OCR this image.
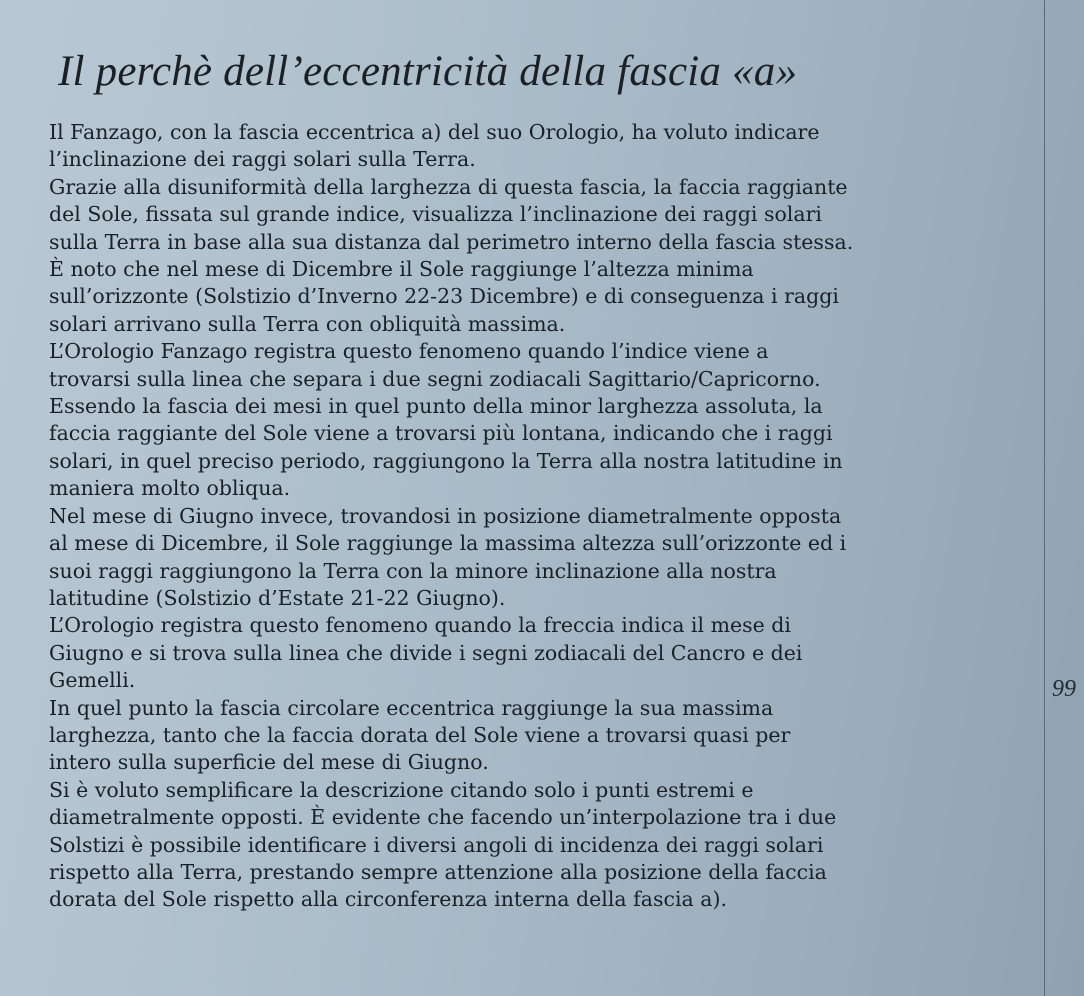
Il perchè dell’eccentricità della fascia «a»

Il Fanzago, con la fascia eccentrica a) del suo Orologio, ha voluto indicare
l’inclinazione dei raggi solari sulla Terra.

Grazie alla disuniformità della larghezza di questa fascia, la faccia raggiante
del Sole, fissata sul grande indice, visualizza l’inclinazione dei raggi solari
sulla Terra in base alla sua distanza dal perimetro interno della fascia stessa.

È noto che nel mese di Dicembre il Sole raggiunge l’altezza minima
sull’orizzonte (Solstizio d’Inverno 22-23 Dicembre) e di conseguenza i raggi
solari arrivano sulla Terra con obliquità massima.

L’Orologio Fanzago registra questo fenomeno quando l’indice viene a
trovarsi sulla linea che separa i due segni zodiacali Sagittario/Capricorno.
Essendo la fascia dei mesi in quel punto della minor larghezza assoluta, la
faccia raggiante del Sole viene a trovarsi più lontana, indicando che i raggi
solari, in quel preciso periodo, raggiungono la Terra alla nostra latitudine in
maniera molto obliqua.

Nel mese di Giugno invece, trovandosi in posizione diametralmente opposta
al mese di Dicembre, il Sole raggiunge la massima altezza sull’orizzonte ed i
suoi raggi raggiungono la Terra con la minore inclinazione alla nostra
latitudine (Solstizio d’Estate 21-22 Giugno).

L’Orologio registra questo fenomeno quando la freccia indica il mese di
Giugno e si trova sulla linea che divide i segni zodiacali del Cancro e dei
Gemelli.

In quel punto la fascia circolare eccentrica raggiunge la sua massima
larghezza, tanto che la faccia dorata del Sole viene a trovarsi quasi per
intero sulla superficie del mese di Giugno.

Si è voluto semplificare la descrizione citando solo i punti estremi e
diametralmente opposti. È evidente che facendo un’interpolazione tra i due
Solstizi è possibile identificare i diversi angoli di incidenza dei raggi solari
rispetto alla Terra, prestando sempre attenzione alla posizione della faccia
dorata del Sole rispetto alla circonferenza interna della fascia a).

99
